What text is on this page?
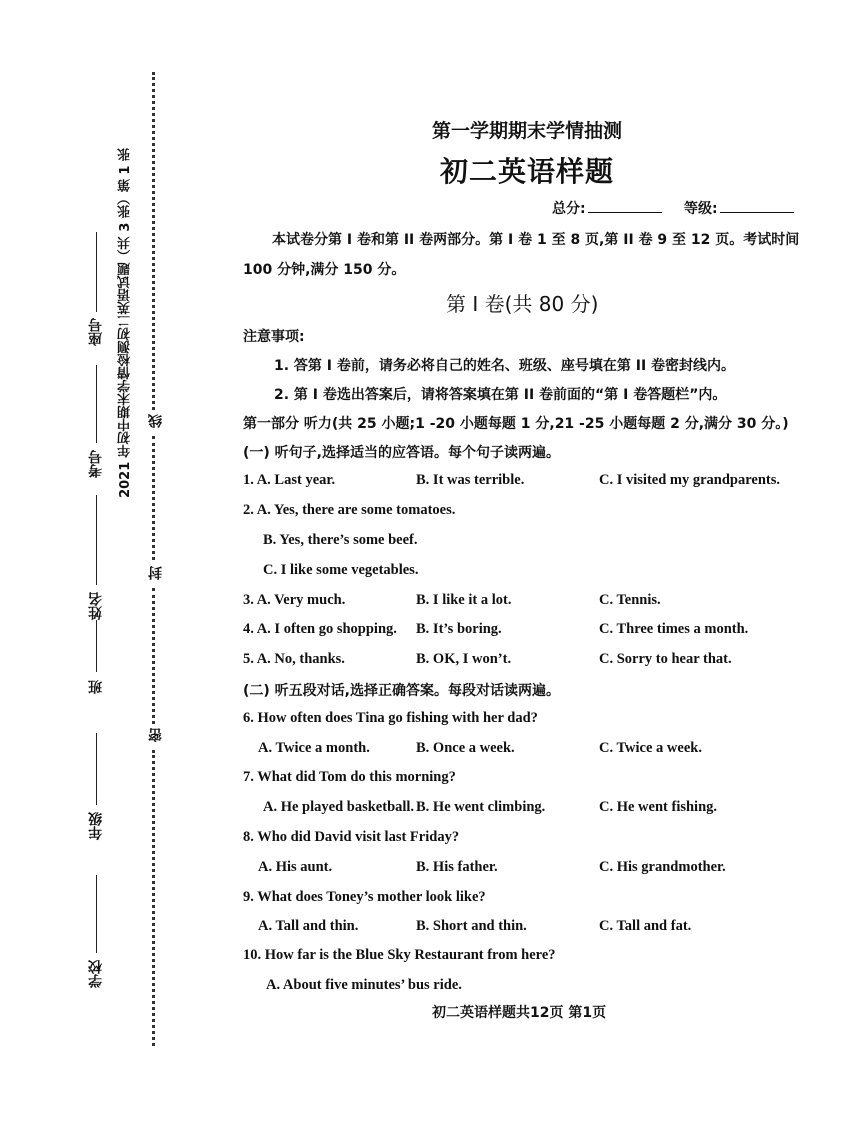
座号
考号
姓名
班
年级
学校
2021 年初中期末学情检测初二英语试题（共 3 张）第 1 张 线
封
密
第一学期期末学情抽测
初二英语样题
总分:	等级:
本试卷分第 I 卷和第 II 卷两部分。第 I 卷 1 至 8 页,第 II 卷 9 至 12 页。考试时间
100 分钟,满分 150 分。
第 I 卷(共 80 分)
注意事项:
1. 答第 I 卷前，请务必将自己的姓名、班级、座号填在第 II 卷密封线内。
2. 第 I 卷选出答案后，请将答案填在第 II 卷前面的“第 I 卷答题栏”内。
第一部分 听力(共 25 小题;1 -20 小题每题 1 分,21 -25 小题每题 2 分,满分 30 分。)
(一) 听句子,选择适当的应答语。每个句子读两遍。
1. A. Last year.	B. It was terrible.	C. I visited my grandparents.
2. A. Yes, there are some tomatoes.
B. Yes, there’s some beef.
C. I like some vegetables.
3. A. Very much.	B. I like it a lot.	C. Tennis.
4. A. I often go shopping. B. It’s boring.	C. Three times a month.
5. A. No, thanks.	B. OK, I won’t.	C. Sorry to hear that.
(二) 听五段对话,选择正确答案。每段对话读两遍。
6. How often does Tina go fishing with her dad?
A. Twice a month.	B. Once a week.	C. Twice a week.
7. What did Tom do this morning?
A. He played basketball. B. He went climbing.	C. He went fishing.
8. Who did David visit last Friday?
A. His aunt.	B. His father.	C. His grandmother.
9. What does Toney’s mother look like?
A. Tall and thin.	B. Short and thin.	C. Tall and fat.
10. How far is the Blue Sky Restaurant from here?
A. About five minutes’ bus ride.
初二英语样题共12页 第1页
